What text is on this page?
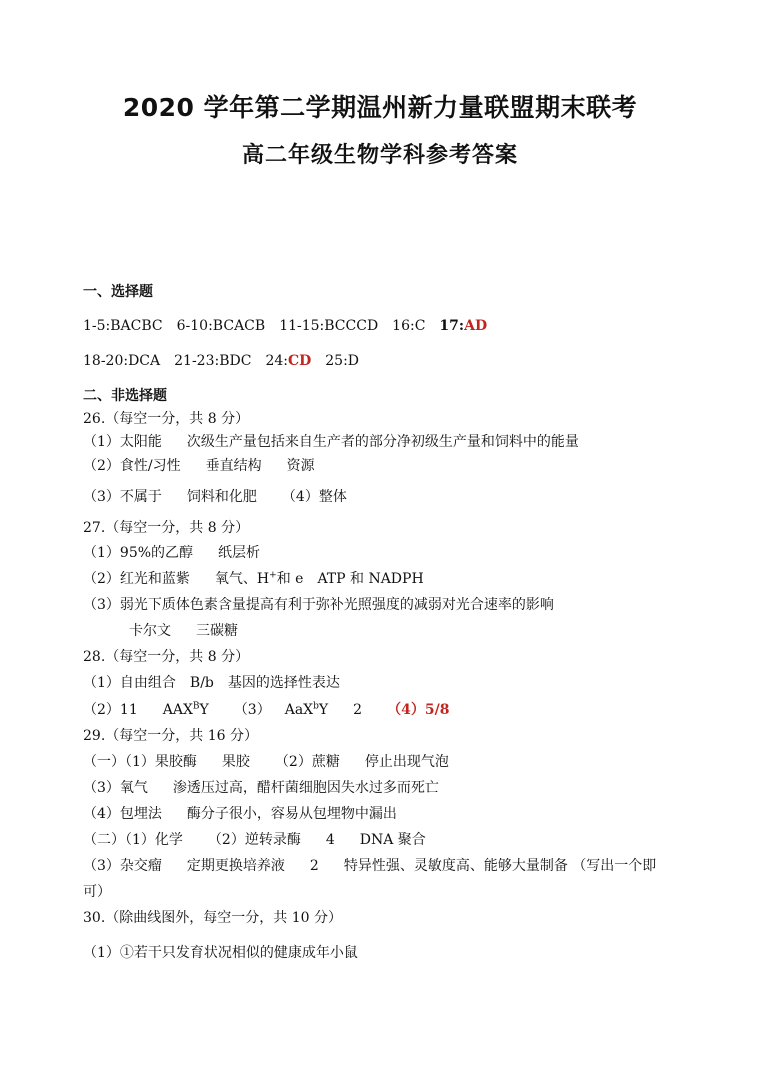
2020 学年第二学期温州新力量联盟期末联考
高二年级生物学科参考答案
一、选择题
1-5:BACBC 6-10:BCACB 11-15:BCCCD 16:C 17:AD
18-20:DCA 21-23:BDC 24:CD 25:D
二、非选择题
26.（每空一分，共 8 分）
（1）太阳能 次级生产量包括来自生产者的部分净初级生产量和饲料中的能量
（2）食性/习性 垂直结构 资源
（3）不属于 饲料和化肥 （4）整体
27.（每空一分，共 8 分）
（1）95%的乙醇 纸层析
（2）红光和蓝紫 氧气、H+和 e ATP 和 NADPH
（3）弱光下质体色素含量提高有利于弥补光照强度的减弱对光合速率的影响
卡尔文 三碳糖
28.（每空一分，共 8 分）
（1）自由组合 B/b 基因的选择性表达
（2）11 $AAX^BY$ （3） AaX$^b$Y 2 （4）5/8
29.（每空一分，共 16 分）
（一）（1）果胶酶 果胶 （2）蔗糖 停止出现气泡
（3）氧气 渗透压过高，醋杆菌细胞因失水过多而死亡
（4）包埋法 酶分子很小，容易从包埋物中漏出
（二）（1）化学 （2）逆转录酶 4 DNA 聚合
（3）杂交瘤 定期更换培养液 2 特异性强、灵敏度高、能够大量制备 （写出一个即
可）
30.（除曲线图外，每空一分，共 10 分）
（1）①若干只发育状况相似的健康成年小鼠
